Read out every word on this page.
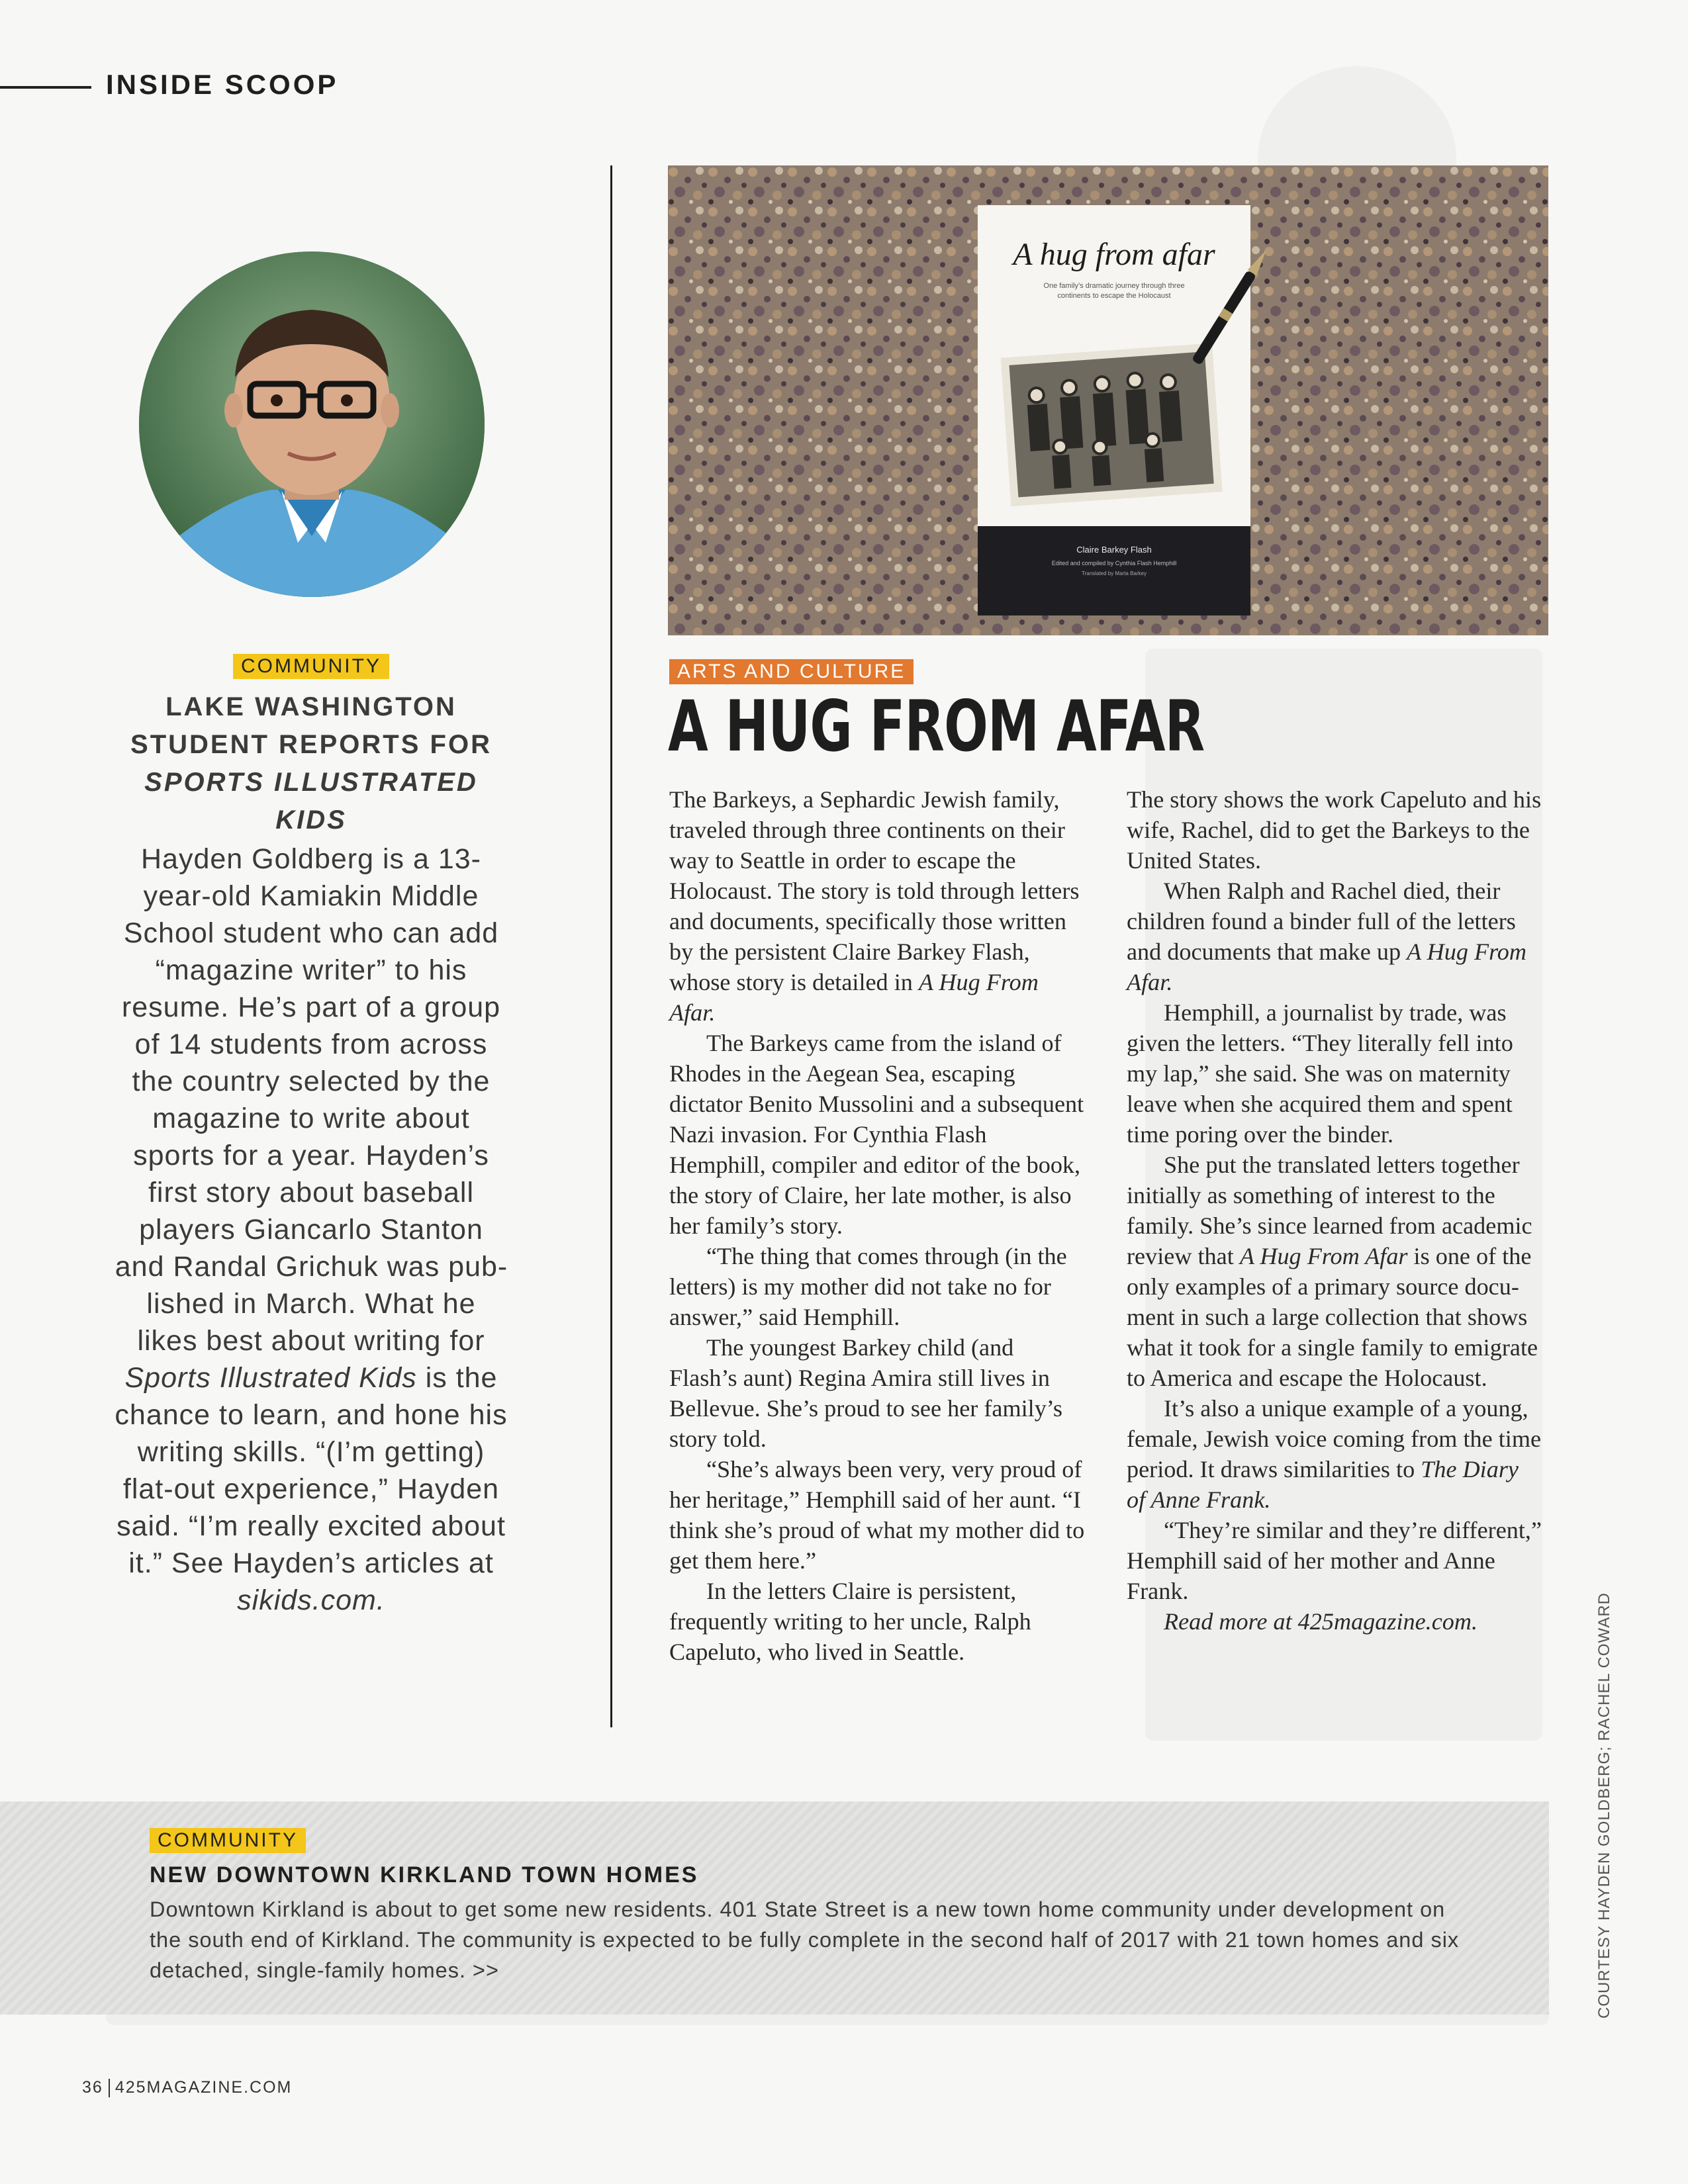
INSIDE SCOOP
COMMUNITY
LAKE WASHINGTON STUDENT REPORTS FOR SPORTS ILLUSTRATED KIDS
Hayden Goldberg is a 13-year-old Kamiakin Middle School student who can add “magazine writer” to his resume. He’s part of a group of 14 students from across the country selected by the magazine to write about sports for a year. Hayden’s first story about baseball players Giancarlo Stanton and Randal Grichuk was published in March. What he likes best about writing for Sports Illustrated Kids is the chance to learn, and hone his writing skills. “(I’m getting) flat-out experience,” Hayden said. “I’m really excited about it.” See Hayden’s articles at sikids.com.
A hug from afar
One family’s dramatic journey through three
continents to escape the Holocaust
Claire Barkey Flash
Edited and compiled by Cynthia Flash Hemphill
Translated by Marta Barkey
ARTS AND CULTURE
A HUG FROM AFAR

The Barkeys, a Sephardic Jewish family, traveled through three continents on their way to Seattle in order to escape the Holocaust. The story is told through letters and documents, specifically those written by the persistent Claire Barkey Flash, whose story is detailed in A Hug From Afar.

The Barkeys came from the island of Rhodes in the Aegean Sea, escaping dictator Benito Mussolini and a subsequent Nazi invasion. For Cynthia Flash Hemphill, compiler and editor of the book, the story of Claire, her late mother, is also her family’s story.

“The thing that comes through (in the letters) is my mother did not take no for answer,” said Hemphill.

The youngest Barkey child (and Flash’s aunt) Regina Amira still lives in Bellevue. She’s proud to see her family’s story told.

“She’s always been very, very proud of her heritage,” Hemphill said of her aunt. “I think she’s proud of what my mother did to get them here.”

In the letters Claire is persistent, frequently writing to her uncle, Ralph Capeluto, who lived in Seattle.

The story shows the work Capeluto and his wife, Rachel, did to get the Barkeys to the United States.

When Ralph and Rachel died, their children found a binder full of the letters and documents that make up A Hug From Afar.

Hemphill, a journalist by trade, was given the letters. “They literally fell into my lap,” she said. She was on maternity leave when she acquired them and spent time poring over the binder.

She put the translated letters together initially as something of interest to the family. She’s since learned from academic review that A Hug From Afar is one of the only examples of a primary source document in such a large collection that shows what it took for a single family to emigrate to America and escape the Holocaust.

It’s also a unique example of a young, female, Jewish voice coming from the time period. It draws similarities to The Diary of Anne Frank.

“They’re similar and they’re different,” Hemphill said of her mother and Anne Frank.

Read more at 425magazine.com.	COURTESY HAYDEN GOLDBERG; RACHEL COWARD
COMMUNITY
NEW DOWNTOWN KIRKLAND TOWN HOMES
Downtown Kirkland is about to get some new residents. 401 State Street is a new town home community under development on the south end of Kirkland. The community is expected to be fully complete in the second half of 2017 with 21 town homes and six detached, single-family homes. >>
36 425MAGAZINE.COM
